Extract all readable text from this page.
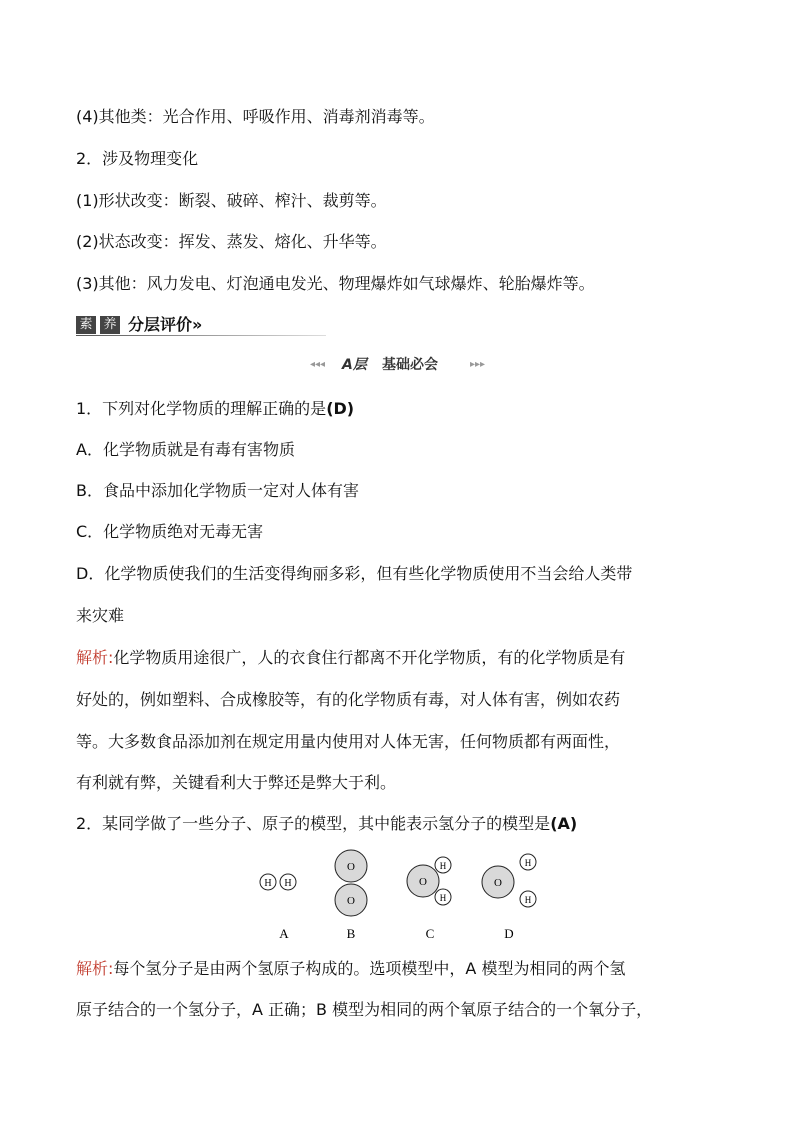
(4)其他类：光合作用、呼吸作用、消毒剂消毒等。
2．涉及物理变化
(1)形状改变：断裂、破碎、榨汁、裁剪等。
(2)状态改变：挥发、蒸发、熔化、升华等。
(3)其他：风力发电、灯泡通电发光、物理爆炸如气球爆炸、轮胎爆炸等。
素 养 分层评价»
◂◂◂ A层 基础必会	▸▸▸
1．下列对化学物质的理解正确的是(D)
A．化学物质就是有毒有害物质
B．食品中添加化学物质一定对人体有害
C．化学物质绝对无毒无害
D．化学物质使我们的生活变得绚丽多彩，但有些化学物质使用不当会给人类带
来灾难
解析:化学物质用途很广，人的衣食住行都离不开化学物质，有的化学物质是有
好处的，例如塑料、合成橡胶等，有的化学物质有毒，对人体有害，例如农药
等。大多数食品添加剂在规定用量内使用对人体无害，任何物质都有两面性，
有利就有弊，关键看利大于弊还是弊大于利。
2．某同学做了一些分子、原子的模型，其中能表示氢分子的模型是(A)
H H
O
O
O
H
H
O
H
H
A	B	C	D
解析:每个氢分子是由两个氢原子构成的。选项模型中，A 模型为相同的两个氢
原子结合的一个氢分子，A 正确；B 模型为相同的两个氧原子结合的一个氧分子，
